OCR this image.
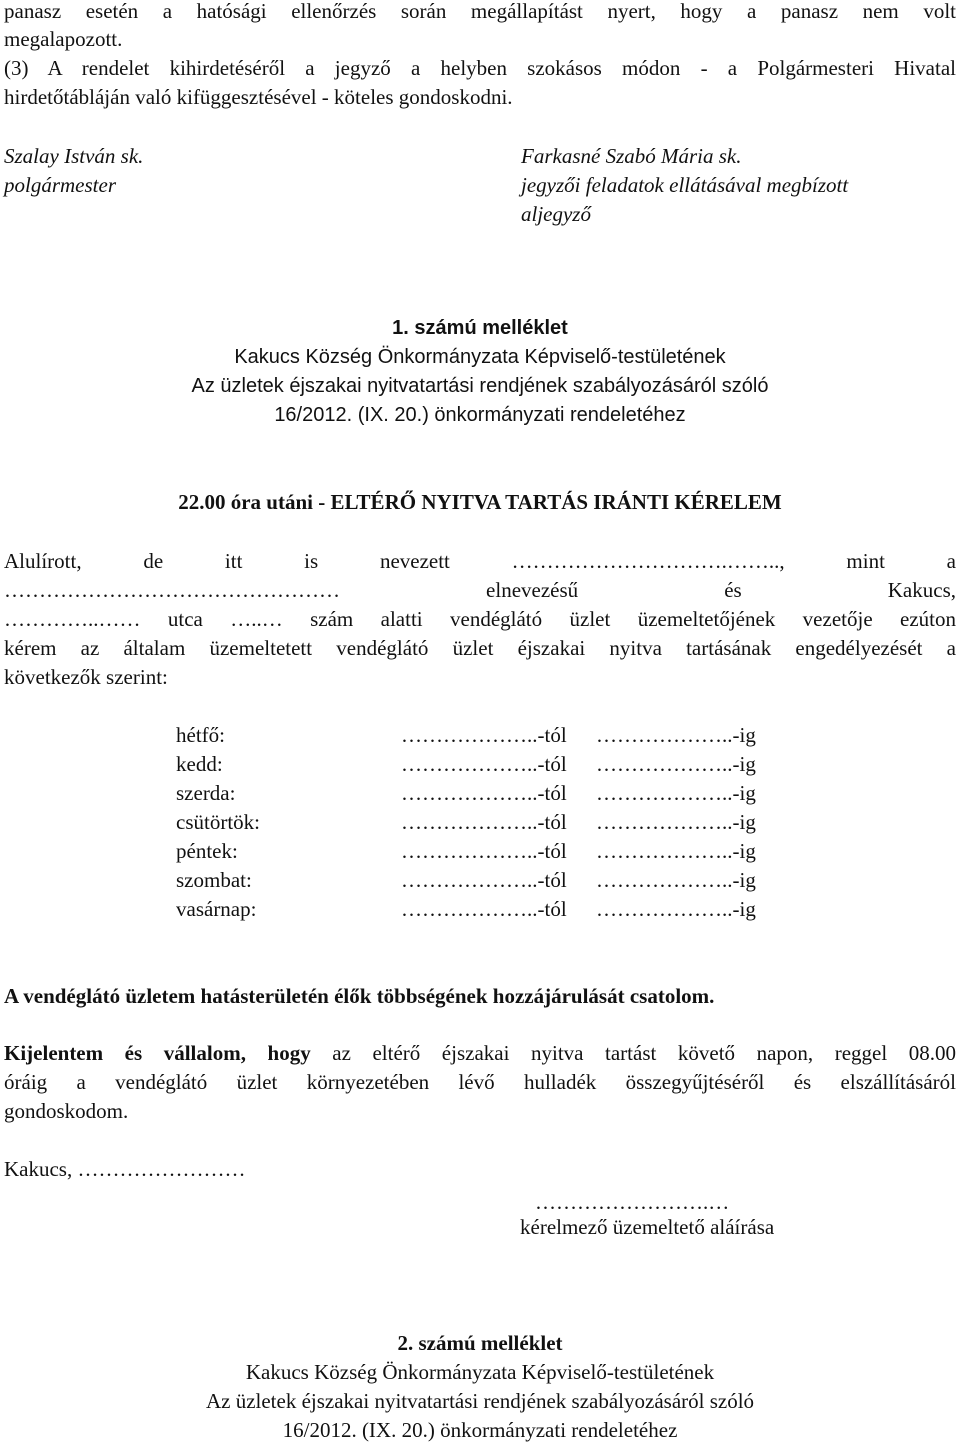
panasz esetén a hatósági ellenőrzés során megállapítást nyert, hogy a panasz nem volt
megalapozott.
(3) A rendelet kihirdetéséről a jegyző a helyben szokásos módon - a Polgármesteri Hivatal
hirdetőtábláján való kifüggesztésével - köteles gondoskodni.
Szalay István sk.
polgármester
Farkasné Szabó Mária sk.
jegyzői feladatok ellátásával megbízott
aljegyző
1. számú melléklet
Kakucs Község Önkormányzata Képviselő-testületének
Az üzletek éjszakai nyitvatartási rendjének szabályozásáról szóló
16/2012. (IX. 20.) önkormányzati rendeletéhez
22.00 óra utáni - ELTÉRŐ NYITVA TARTÁS IRÁNTI KÉRELEM
Alulírott, de itt is nevezett ………………………….…….., mint a
………………………………………… elnevezésű és Kakucs,
…………..…… utca …..… szám alatti vendéglátó üzlet üzemeltetőjének vezetője ezúton
kérem az általam üzemeltetett vendéglátó üzlet éjszakai nyitva tartásának engedélyezését a
következők szerint:
hétfő:	………………..-tól ………………..-ig
kedd:	………………..-tól ………………..-ig
szerda:	………………..-tól ………………..-ig
csütörtök:	………………..-tól ………………..-ig
péntek:	………………..-tól ………………..-ig
szombat:	………………..-tól ………………..-ig
vasárnap:	………………..-tól ………………..-ig
A vendéglátó üzletem hatásterületén élők többségének hozzájárulását csatolom.
Kijelentem és vállalom, hogy az eltérő éjszakai nyitva tartást követő napon, reggel 08.00
óráig a vendéglátó üzlet környezetében lévő hulladék összegyűjtéséről és elszállításáról
gondoskodom.
Kakucs, ……………………
…………………….…
kérelmező üzemeltető aláírása
2. számú melléklet
Kakucs Község Önkormányzata Képviselő-testületének
Az üzletek éjszakai nyitvatartási rendjének szabályozásáról szóló
16/2012. (IX. 20.) önkormányzati rendeletéhez
